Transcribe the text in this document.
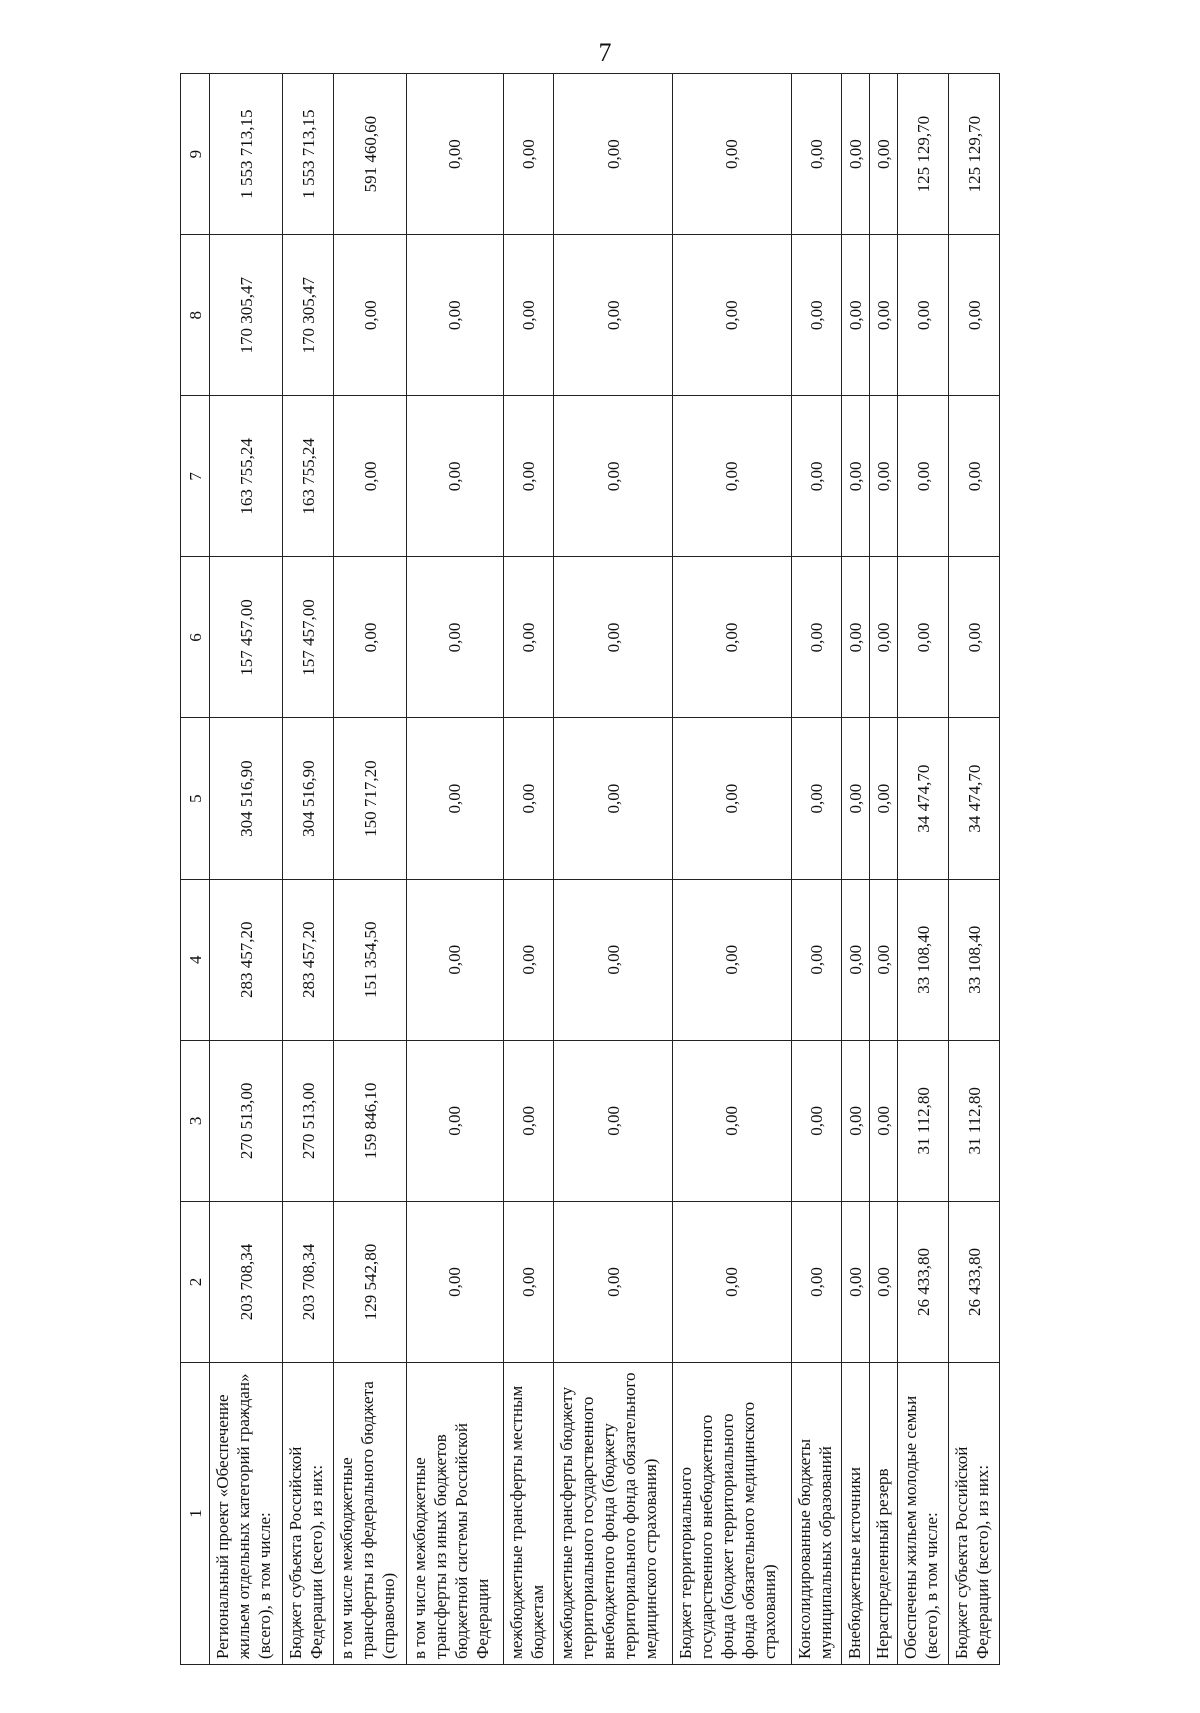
7
1	2	3	4	5	6	7	8	9
Региональный проект «Обеспечение жильем отдельных категорий граждан» (всего), в том числе:	203 708,34	270 513,00	283 457,20	304 516,90	157 457,00	163 755,24	170 305,47	1 553 713,15
Бюджет субъекта Российской Федерации (всего), из них:	203 708,34	270 513,00	283 457,20	304 516,90	157 457,00	163 755,24	170 305,47	1 553 713,15
в том числе межбюджетные трансферты из федерального бюджета (справочно)	129 542,80	159 846,10	151 354,50	150 717,20	0,00	0,00	0,00	591 460,60
в том числе межбюджетные трансферты из иных бюджетов бюджетной системы Российской Федерации	0,00	0,00	0,00	0,00	0,00	0,00	0,00	0,00
межбюджетные трансферты местным бюджетам	0,00	0,00	0,00	0,00	0,00	0,00	0,00	0,00
межбюджетные трансферты бюджету территориального государственного внебюджетного фонда (бюджету территориального фонда обязательного медицинского страхования)	0,00	0,00	0,00	0,00	0,00	0,00	0,00	0,00
Бюджет территориального государственного внебюджетного фонда (бюджет территориального фонда обязательного медицинского страхования)	0,00	0,00	0,00	0,00	0,00	0,00	0,00	0,00
Консолидированные бюджеты муниципальных образований	0,00	0,00	0,00	0,00	0,00	0,00	0,00	0,00
Внебюджетные источники	0,00	0,00	0,00	0,00	0,00	0,00	0,00	0,00
Нераспределенный резерв	0,00	0,00	0,00	0,00	0,00	0,00	0,00	0,00
Обеспечены жильем молодые семьи (всего), в том числе:	26 433,80	31 112,80	33 108,40	34 474,70	0,00	0,00	0,00	125 129,70
Бюджет субъекта Российской Федерации (всего), из них:	26 433,80	31 112,80	33 108,40	34 474,70	0,00	0,00	0,00	125 129,70
